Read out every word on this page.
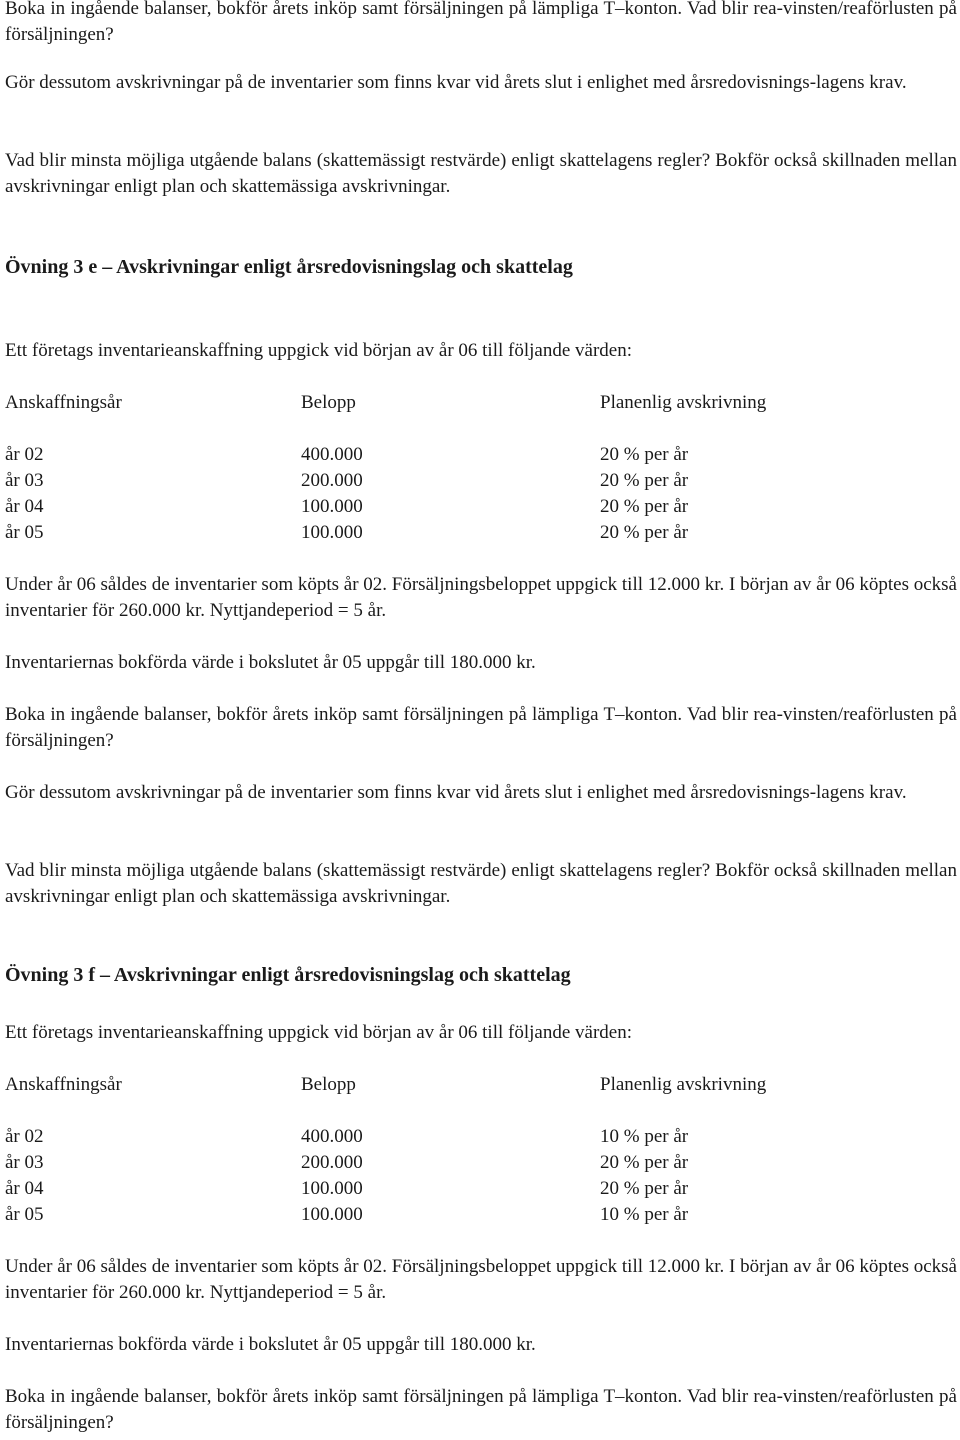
Boka in ingående balanser, bokför årets inköp samt försäljningen på lämpliga T–konton. Vad blir rea-vinsten/reaförlusten på försäljningen?

Gör dessutom avskrivningar på de inventarier som finns kvar vid årets slut i enlighet med årsredovisnings-lagens krav.

Vad blir minsta möjliga utgående balans (skattemässigt restvärde) enligt skattelagens regler? Bokför också skillnaden mellan avskrivningar enligt plan och skattemässiga avskrivningar.

Övning 3 e – Avskrivningar enligt årsredovisningslag och skattelag

Ett företags inventarieanskaffning uppgick vid början av år 06 till följande värden:

Anskaffningsår	Belopp	Planenlig avskrivning
år 02	400.000	20 % per år
år 03	200.000	20 % per år
år 04	100.000	20 % per år
år 05	100.000	20 % per år

Under år 06 såldes de inventarier som köpts år 02. Försäljningsbeloppet uppgick till 12.000 kr. I början av år 06 köptes också inventarier för 260.000 kr. Nyttjandeperiod = 5 år.

Inventariernas bokförda värde i bokslutet år 05 uppgår till 180.000 kr.

Boka in ingående balanser, bokför årets inköp samt försäljningen på lämpliga T–konton. Vad blir rea-vinsten/reaförlusten på försäljningen?

Gör dessutom avskrivningar på de inventarier som finns kvar vid årets slut i enlighet med årsredovisnings-lagens krav.

Vad blir minsta möjliga utgående balans (skattemässigt restvärde) enligt skattelagens regler? Bokför också skillnaden mellan avskrivningar enligt plan och skattemässiga avskrivningar.

Övning 3 f – Avskrivningar enligt årsredovisningslag och skattelag

Ett företags inventarieanskaffning uppgick vid början av år 06 till följande värden:

Anskaffningsår	Belopp	Planenlig avskrivning
år 02	400.000	10 % per år
år 03	200.000	20 % per år
år 04	100.000	20 % per år
år 05	100.000	10 % per år

Under år 06 såldes de inventarier som köpts år 02. Försäljningsbeloppet uppgick till 12.000 kr. I början av år 06 köptes också inventarier för 260.000 kr. Nyttjandeperiod = 5 år.

Inventariernas bokförda värde i bokslutet år 05 uppgår till 180.000 kr.

Boka in ingående balanser, bokför årets inköp samt försäljningen på lämpliga T–konton. Vad blir rea-vinsten/reaförlusten på försäljningen?
